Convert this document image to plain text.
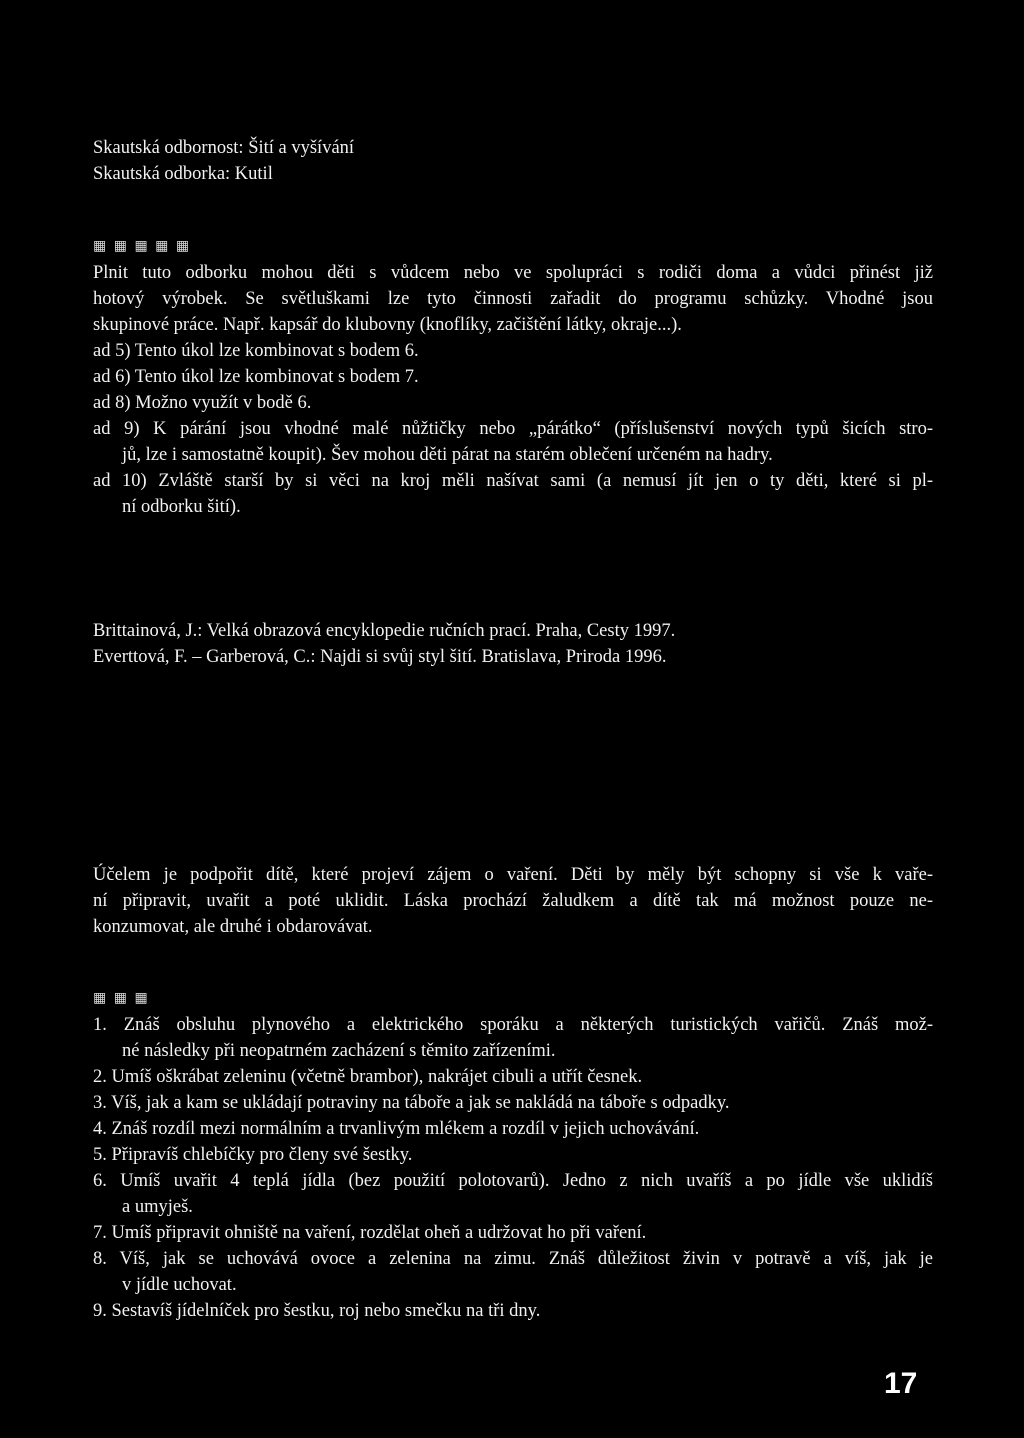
Skautská odbornost: Šití a vyšívání
Skautská odborka: Kutil
▦ ▦ ▦ ▦ ▦
Plnit tuto odborku mohou děti s vůdcem nebo ve spolupráci s rodiči doma a vůdci přinést již
hotový výrobek. Se světluškami lze tyto činnosti zařadit do programu schůzky. Vhodné jsou
skupinové práce. Např. kapsář do klubovny (knoflíky, začištění látky, okraje...).
ad 5) Tento úkol lze kombinovat s bodem 6.
ad 6) Tento úkol lze kombinovat s bodem 7.
ad 8) Možno využít v bodě 6.
ad 9) K párání jsou vhodné malé nůžtičky nebo „párátko“ (příslušenství nových typů šicích stro-
jů, lze i samostatně koupit). Šev mohou děti párat na starém oblečení určeném na hadry.
ad 10) Zvláště starší by si věci na kroj měli našívat sami (a nemusí jít jen o ty děti, které si pl-
ní odborku šití).
Brittainová, J.: Velká obrazová encyklopedie ručních prací. Praha, Cesty 1997.
Everttová, F. – Garberová, C.: Najdi si svůj styl šití. Bratislava, Priroda 1996.
Účelem je podpořit dítě, které projeví zájem o vaření. Děti by měly být schopny si vše k vaře-
ní připravit, uvařit a poté uklidit. Láska prochází žaludkem a dítě tak má možnost pouze ne-
konzumovat, ale druhé i obdarovávat.
▦ ▦ ▦
1. Znáš obsluhu plynového a elektrického sporáku a některých turistických vařičů. Znáš mož-
né následky při neopatrném zacházení s těmito zařízeními.
2. Umíš oškrábat zeleninu (včetně brambor), nakrájet cibuli a utřít česnek.
3. Víš, jak a kam se ukládají potraviny na táboře a jak se nakládá na táboře s odpadky.
4. Znáš rozdíl mezi normálním a trvanlivým mlékem a rozdíl v jejich uchovávání.
5. Připravíš chlebíčky pro členy své šestky.
6. Umíš uvařit 4 teplá jídla (bez použití polotovarů). Jedno z nich uvaříš a po jídle vše uklidíš
a umyješ.
7. Umíš připravit ohniště na vaření, rozdělat oheň a udržovat ho při vaření.
8. Víš, jak se uchovává ovoce a zelenina na zimu. Znáš důležitost živin v potravě a víš, jak je
v jídle uchovat.
9. Sestavíš jídelníček pro šestku, roj nebo smečku na tři dny.
17
